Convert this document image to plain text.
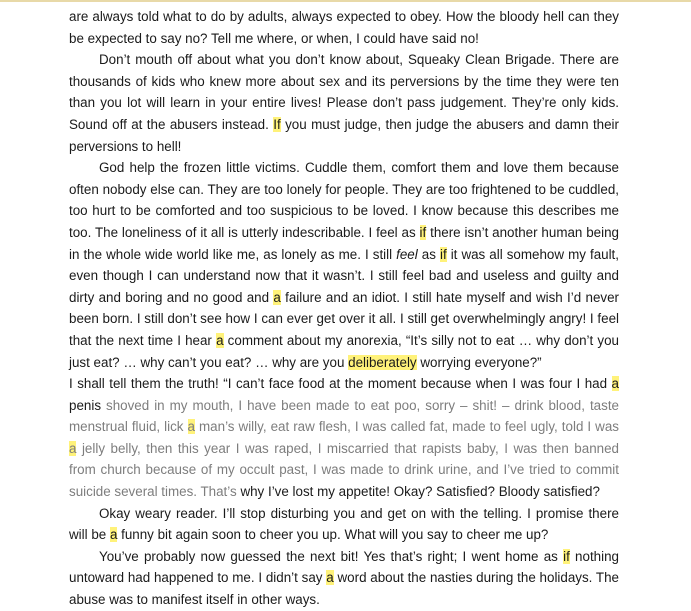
are always told what to do by adults, always expected to obey. How the bloody hell can they be expected to say no? Tell me where, or when, I could have said no!

Don’t mouth off about what you don’t know about, Squeaky Clean Brigade. There are thousands of kids who knew more about sex and its perversions by the time they were ten than you lot will learn in your entire lives! Please don’t pass judgement. They’re only kids. Sound off at the abusers instead. If you must judge, then judge the abusers and damn their perversions to hell!

God help the frozen little victims. Cuddle them, comfort them and love them because often nobody else can. They are too lonely for people. They are too frightened to be cuddled, too hurt to be comforted and too suspicious to be loved. I know because this describes me too. The loneliness of it all is utterly indescribable. I feel as if there isn’t another human being in the whole wide world like me, as lonely as me. I still feel as if it was all somehow my fault, even though I can understand now that it wasn’t. I still feel bad and useless and guilty and dirty and boring and no good and a failure and an idiot. I still hate myself and wish I’d never been born. I still don’t see how I can ever get over it all. I still get overwhelmingly angry! I feel that the next time I hear a comment about my anorexia, “It’s silly not to eat … why don’t you just eat? … why can’t you eat? … why are you deliberately worrying everyone?”

I shall tell them the truth! “I can’t face food at the moment because when I was four I had a penis shoved in my mouth, I have been made to eat poo, sorry – shit! – drink blood, taste menstrual fluid, lick a man’s willy, eat raw flesh, I was called fat, made to feel ugly, told I was a jelly belly, then this year I was raped, I miscarried that rapists baby, I was then banned from church because of my occult past, I was made to drink urine, and I’ve tried to commit suicide several times. That’s why I’ve lost my appetite! Okay? Satisfied? Bloody satisfied?

Okay weary reader. I’ll stop disturbing you and get on with the telling. I promise there will be a funny bit again soon to cheer you up. What will you say to cheer me up?

You’ve probably now guessed the next bit! Yes that’s right; I went home as if nothing untoward had happened to me. I didn’t say a word about the nasties during the holidays. The abuse was to manifest itself in other ways.
